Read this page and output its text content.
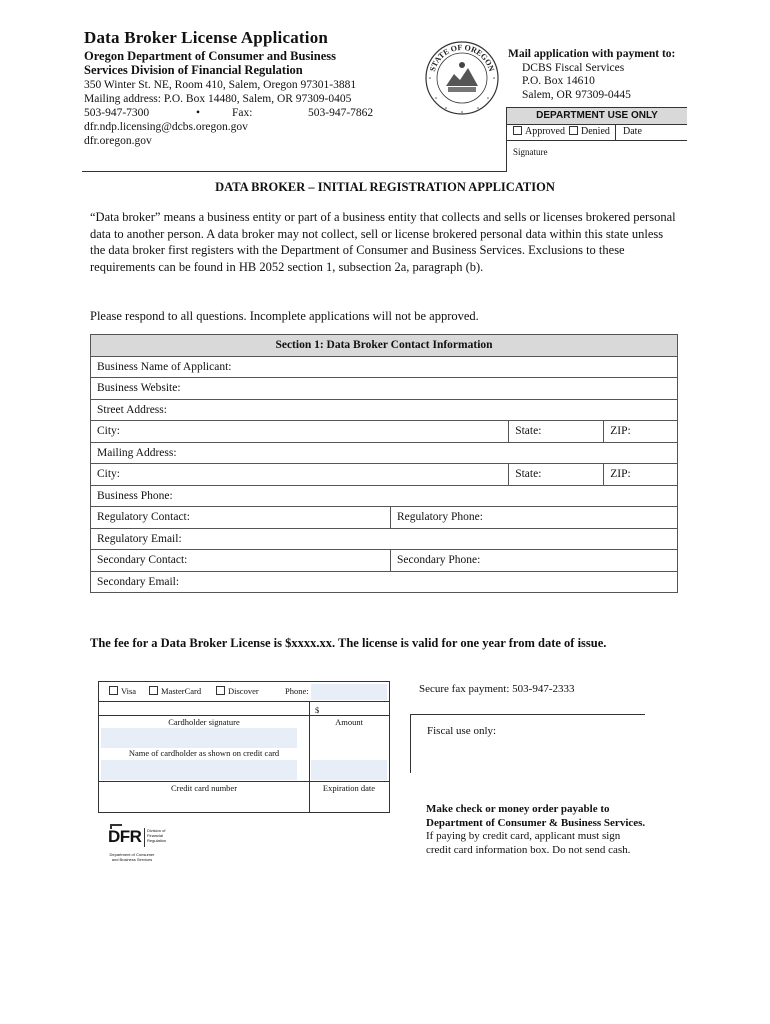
Data Broker License Application
Oregon Department of Consumer and Business
Services Division of Financial Regulation
350 Winter St. NE, Room 410, Salem, Oregon 97301-3881
Mailing address: P.O. Box 14480, Salem, OR 97309-0405
503-947-7300	•	Fax:	503-947-7862
dfr.ndp.licensing@dcbs.oregon.gov
dfr.oregon.gov
STATE OF OREGON
Mail application with payment to:
DCBS Fiscal Services
P.O. Box 14610
Salem, OR 97309-0445
DEPARTMENT USE ONLY
Approved	Denied Date
Signature
DATA BROKER – INITIAL REGISTRATION APPLICATION
“Data broker” means a business entity or part of a business entity that collects and sells or licenses brokered personal data to another person. A data broker may not collect, sell or license brokered personal data within this state unless the data broker first registers with the Department of Consumer and Business Services. Exclusions to these requirements can be found in HB 2052 section 1, subsection 2a, paragraph (b).
Please respond to all questions. Incomplete applications will not be approved.
Section 1: Data Broker Contact Information			
Business Name of Applicant:			
Business Website:			
Street Address:			
City:		State:	ZIP:
Mailing Address:			
City:		State:	ZIP:
Business Phone:			
Regulatory Contact:	Regulatory Phone:		
Regulatory Email:			
Secondary Contact:	Secondary Phone:		
Secondary Email:			
The fee for a Data Broker License is $xxxx.xx. The license is valid for one year from date of issue.
Visa	MasterCard	Discover	Phone:
$
Cardholder signature	Amount
Name of cardholder as shown on credit card
Credit card number	Expiration date
Secure fax payment: 503-947-2333
Fiscal use only:
Make check or money order payable to
Department of Consumer & Business Services.
If paying by credit card, applicant must sign
credit card information box. Do not send cash.
DFR Division of
Financial
Regulation
Department of Consumer
and Business Services
